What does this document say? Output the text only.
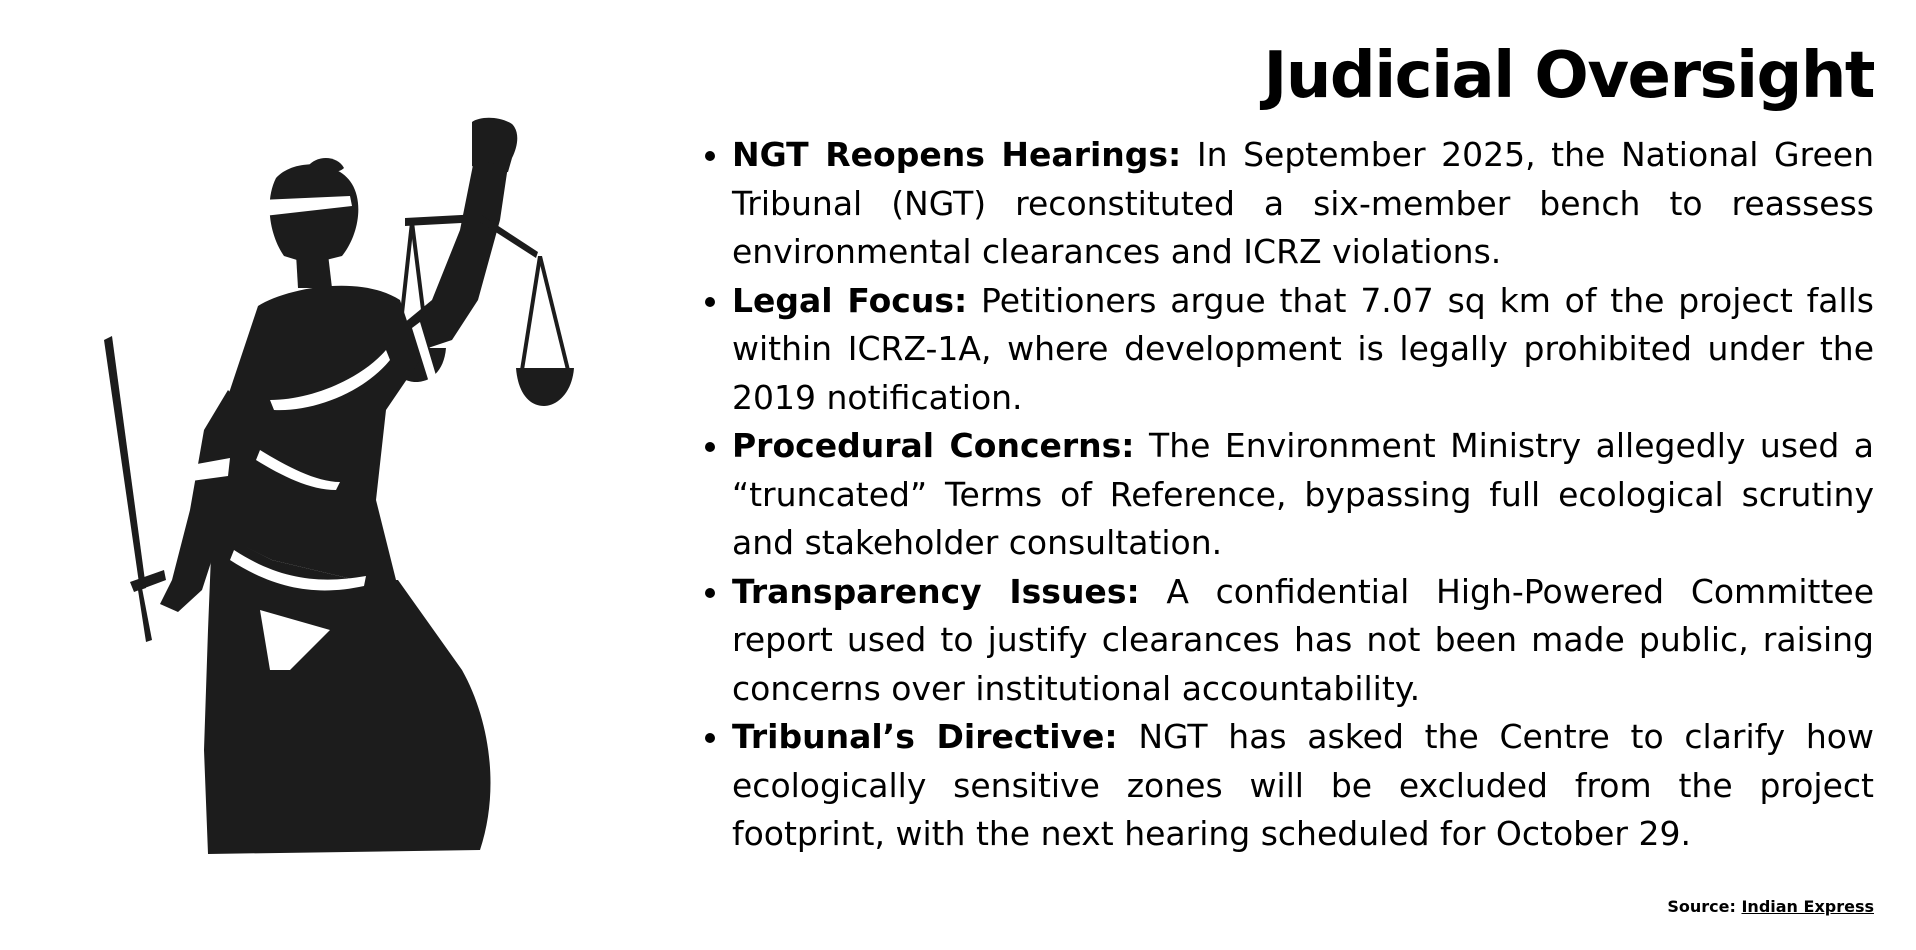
Judicial Oversight
• NGT Reopens Hearings: In September 2025, the National Green Tribunal (NGT) reconstituted a six-member bench to reassess environmental clearances and ICRZ violations.
• Legal Focus: Petitioners argue that 7.07 sq km of the project falls within ICRZ-1A, where development is legally prohibited under the 2019 notification.
• Procedural Concerns: The Environment Ministry allegedly used a “truncated” Terms of Reference, bypassing full ecological scrutiny and stakeholder consultation.
• Transparency Issues: A confidential High-Powered Committee report used to justify clearances has not been made public, raising concerns over institutional accountability.
• Tribunal’s Directive: NGT has asked the Centre to clarify how ecologically sensitive zones will be excluded from the project footprint, with the next hearing scheduled for October 29.
Source: Indian Express
